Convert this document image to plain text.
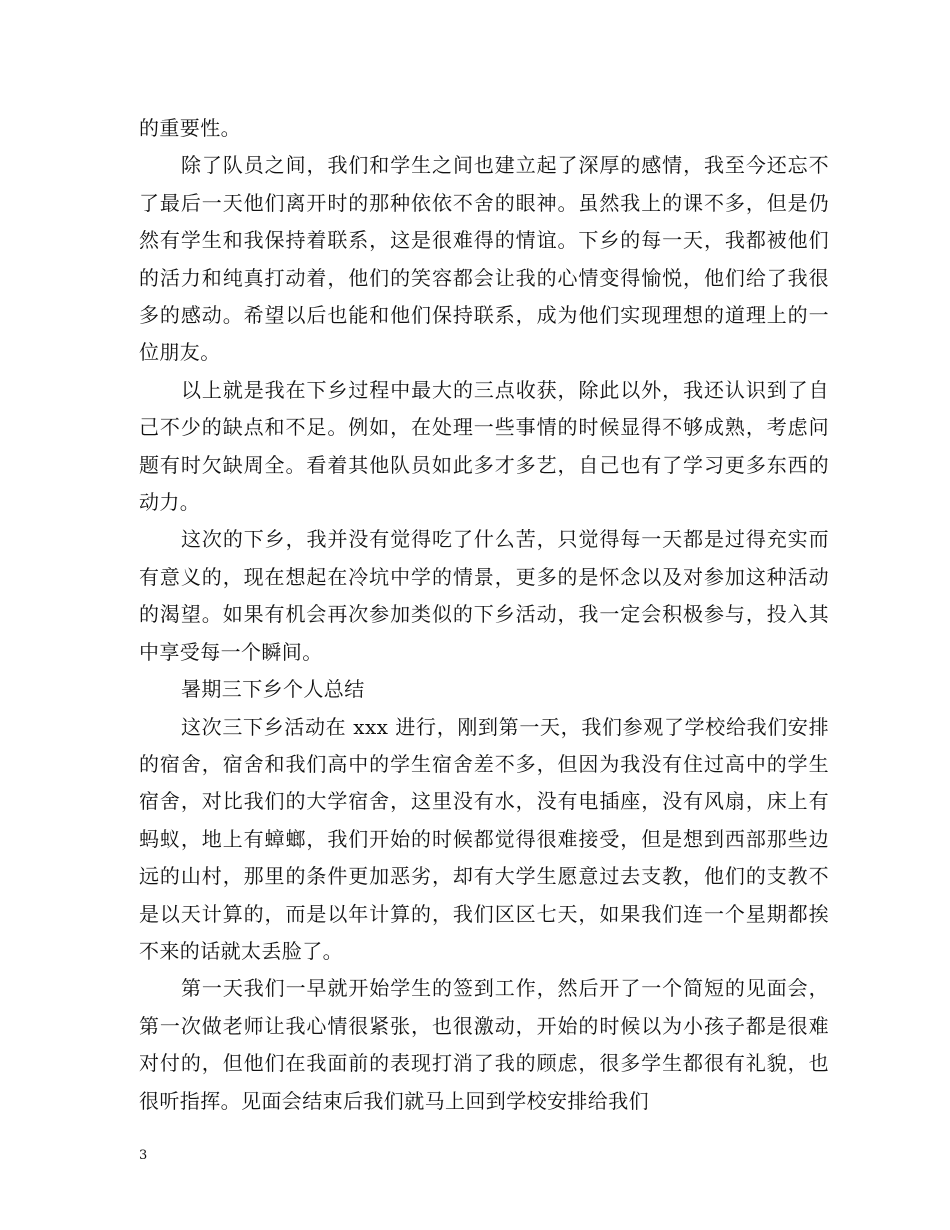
的重要性。

除了队员之间，我们和学生之间也建立起了深厚的感情，我至今还忘不了最后一天他们离开时的那种依依不舍的眼神。虽然我上的课不多，但是仍然有学生和我保持着联系，这是很难得的情谊。下乡的每一天，我都被他们的活力和纯真打动着，他们的笑容都会让我的心情变得愉悦，他们给了我很多的感动。希望以后也能和他们保持联系，成为他们实现理想的道理上的一位朋友。

以上就是我在下乡过程中最大的三点收获，除此以外，我还认识到了自己不少的缺点和不足。例如，在处理一些事情的时候显得不够成熟，考虑问题有时欠缺周全。看着其他队员如此多才多艺，自己也有了学习更多东西的动力。

这次的下乡，我并没有觉得吃了什么苦，只觉得每一天都是过得充实而有意义的，现在想起在冷坑中学的情景，更多的是怀念以及对参加这种活动的渴望。如果有机会再次参加类似的下乡活动，我一定会积极参与，投入其中享受每一个瞬间。

暑期三下乡个人总结

这次三下乡活动在 xxx 进行，刚到第一天，我们参观了学校给我们安排的宿舍，宿舍和我们高中的学生宿舍差不多，但因为我没有住过高中的学生宿舍，对比我们的大学宿舍，这里没有水，没有电插座，没有风扇，床上有蚂蚁，地上有蟑螂，我们开始的时候都觉得很难接受，但是想到西部那些边远的山村，那里的条件更加恶劣，却有大学生愿意过去支教，他们的支教不是以天计算的，而是以年计算的，我们区区七天，如果我们连一个星期都挨不来的话就太丢脸了。

第一天我们一早就开始学生的签到工作，然后开了一个简短的见面会，第一次做老师让我心情很紧张，也很激动，开始的时候以为小孩子都是很难对付的，但他们在我面前的表现打消了我的顾虑，很多学生都很有礼貌，也很听指挥。见面会结束后我们就马上回到学校安排给我们

3
